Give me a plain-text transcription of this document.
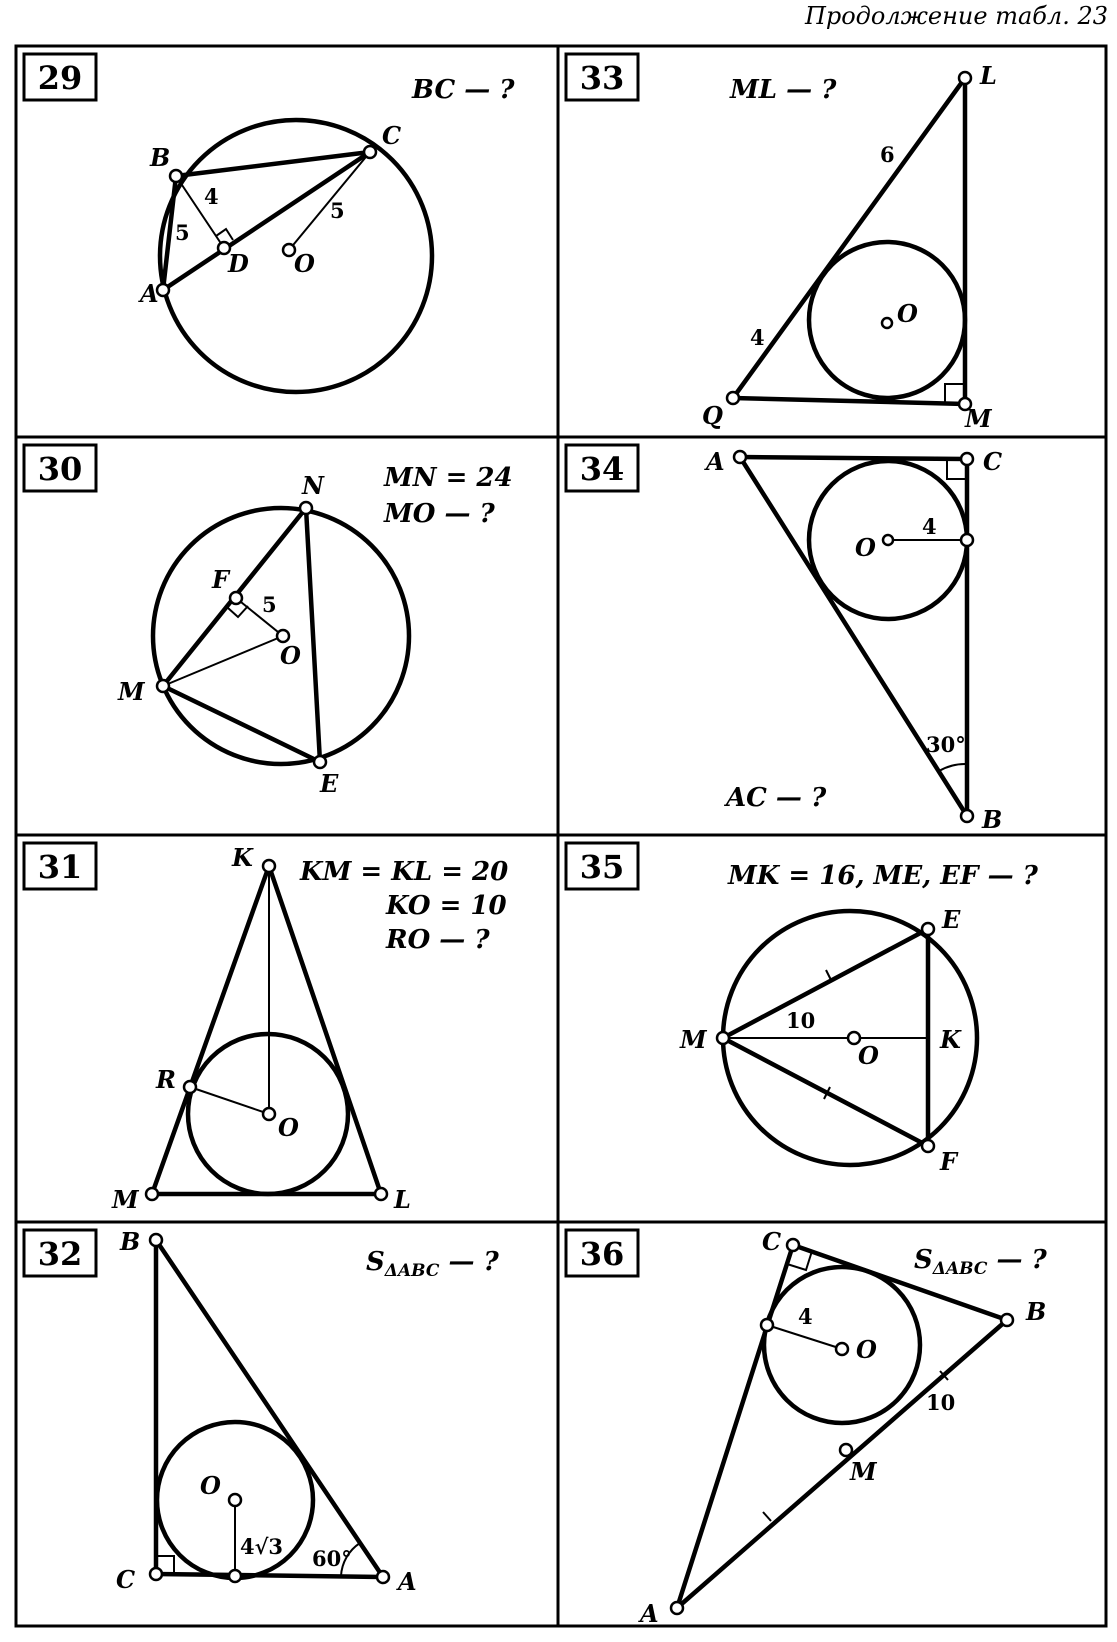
Продолжение табл. 23
29	BC — ?
A
B
C
D O
4
5
5
33	ML — ?	L
O
Q	M
6
4
30	MN = 24
MO — ?
N
F
O
M
E
5
34
AC — ?
A	C
O
B
4
30°
31	KM = KL = 20
KO = 10
RO — ?
K
R
O
M	L
35	MK = 16, ME, EF — ?
E
M
O
K
F
10
32	$S_{\Delta ABC}$ — ?
B
O
C	A
4√3 60°
36	$S_{\Delta ABC}$ — ?
C
B
O
M
A
4
10
